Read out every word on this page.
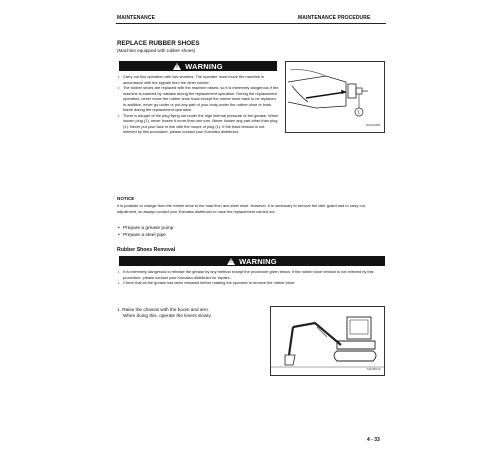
MAINTENANCE	MAINTENANCE PROCEDURE
REPLACE RUBBER SHOES
(Machine equipped with rubber shoes)
!
WARNING

• Carry out this operation with two workers. The operator must move the machine in accordance with the signals from the other worker.

• The rubber shoes are replaced with the machine raised, so it is extremely dangerous if the machine is lowered by mistake during the replacement operation. During the replacement operation, never move the rubber shoe track except the rubber shoe track to be replaced. In addition, never go under or put any part of your body under the rubber shoe or track frame during the replacement operation.

• There is danger of the plug flying out under the high internal pressure of the grease. When loosen plug (1), never loosen it more than one turn. Never loosen any part other than plug (1). Never put your face in line with the mount of plug (1). If the track tension is not relieved by this procedure, please contact your Komatsu distributor.

1
DLMU1883
NOTICE
It is possible to change from the rubber shoe to the road liner and steel shoe. However, it is necessary to remove the idler guard and to carry out adjustment, so always contact your Komatsu distributor to have the replacement carried out.

• Prepare a grease pump

• Prepare a steel pipe

Rubber Shoes Removal
!
WARNING

• It is extremely dangerous to release the grease by any method except the procedure given below. If the rubber shoe tension is not relieved by this procedure, please contact your Komatsu distributor for repairs.

• Check that all the grease has been released before rotating the sprocket to remove the rubber shoe.

1. Raise the chassis with the boom and arm.

When doing this, operate the levers slowly.

TEUS0110
4 - 33
